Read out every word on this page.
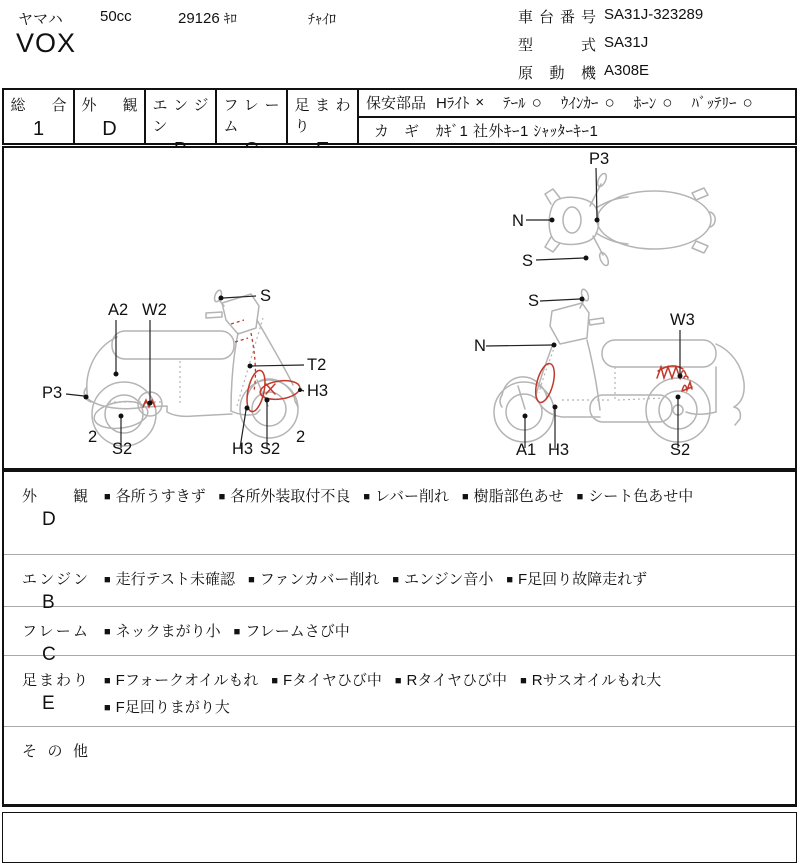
ヤマハ 50cc	29126 ｷﾛ	ﾁｬｲﾛ
VOX
車台番号 SA31J-323289
型式 SA31J
原動機 A308E
総合
1
外観
D
エンジン
フレーム
足まわり
保安部品 Hﾗｲﾄ × ﾃｰﾙ ○ ｳｲﾝｶｰ ○ ﾎｰﾝ ○ ﾊﾞｯﾃﾘｰ ○
カ　ギ ｶｷﾞ1 社外ｷｰ1 ｼｬｯﾀｰｷｰ1
P3
N
S
S
A2 W2
P3
T2
H3
2
S2	H3 S2
2
S
N
W3
A1 H3	S2
外観
D
■ 各所うすきず ■ 各所外装取付不良 ■ レバー削れ ■ 樹脂部色あせ ■ シート色あせ中
エンジン
B
■ 走行テスト未確認 ■ ファンカバー削れ ■ エンジン音小 ■ F足回り故障走れず
フレーム
C
■ ネックまがり小 ■ フレームさび中
足まわり
E
■ Fフォークオイルもれ ■ Fタイヤひび中 ■ Rタイヤひび中 ■ Rサスオイルもれ大
■ F足回りまがり大
その他
